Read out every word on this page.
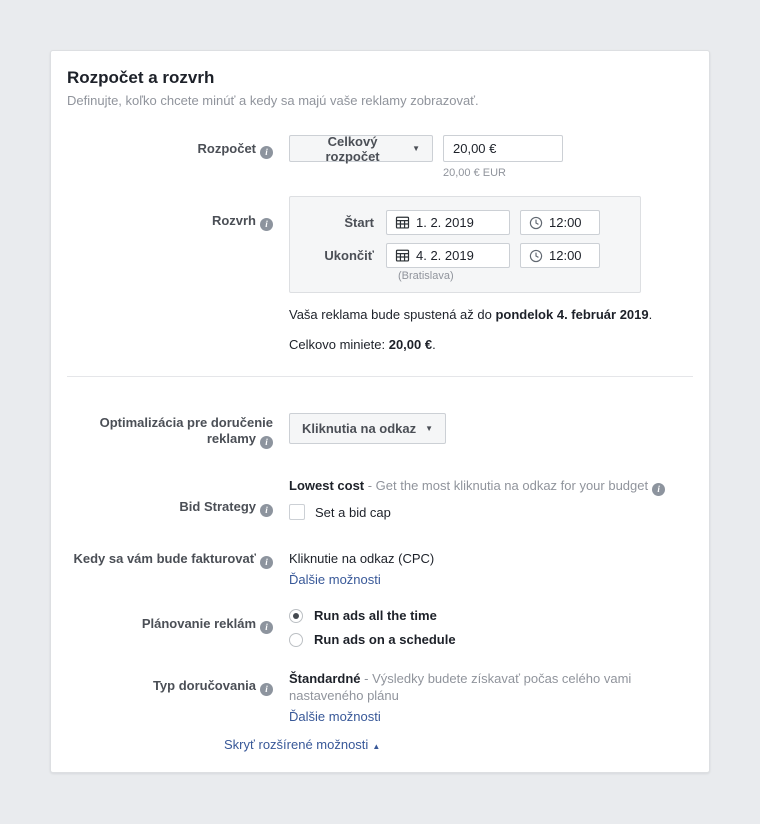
Rozpočet a rozvrh
Definujte, koľko chcete minúť a kedy sa majú vaše reklamy zobrazovať.
Rozpočet i
Celkový rozpočet	▼
20,00 €
20,00 € EUR
Rozvrh i	Štart	1. 2. 2019	12:00
Ukončiť	4. 2. 2019	12:00
(Bratislava)
Vaša reklama bude spustená až do pondelok 4. február 2019.
Celkovo miniete: 20,00 €.
Optimalizácia pre doručenie reklamy i
Kliknutia na odkaz ▼
Bid Strategy i
Lowest cost - Get the most kliknutia na odkaz for your budget i
Set a bid cap
Kedy sa vám bude fakturovať i	Kliknutie na odkaz (CPC)
Ďalšie možnosti
Plánovanie reklám i
Run ads all the time
Run ads on a schedule
Typ doručovania i
Štandardné - Výsledky budete získavať počas celého vami nastaveného plánu
Ďalšie možnosti
Skryť rozšírené možnosti ▲
